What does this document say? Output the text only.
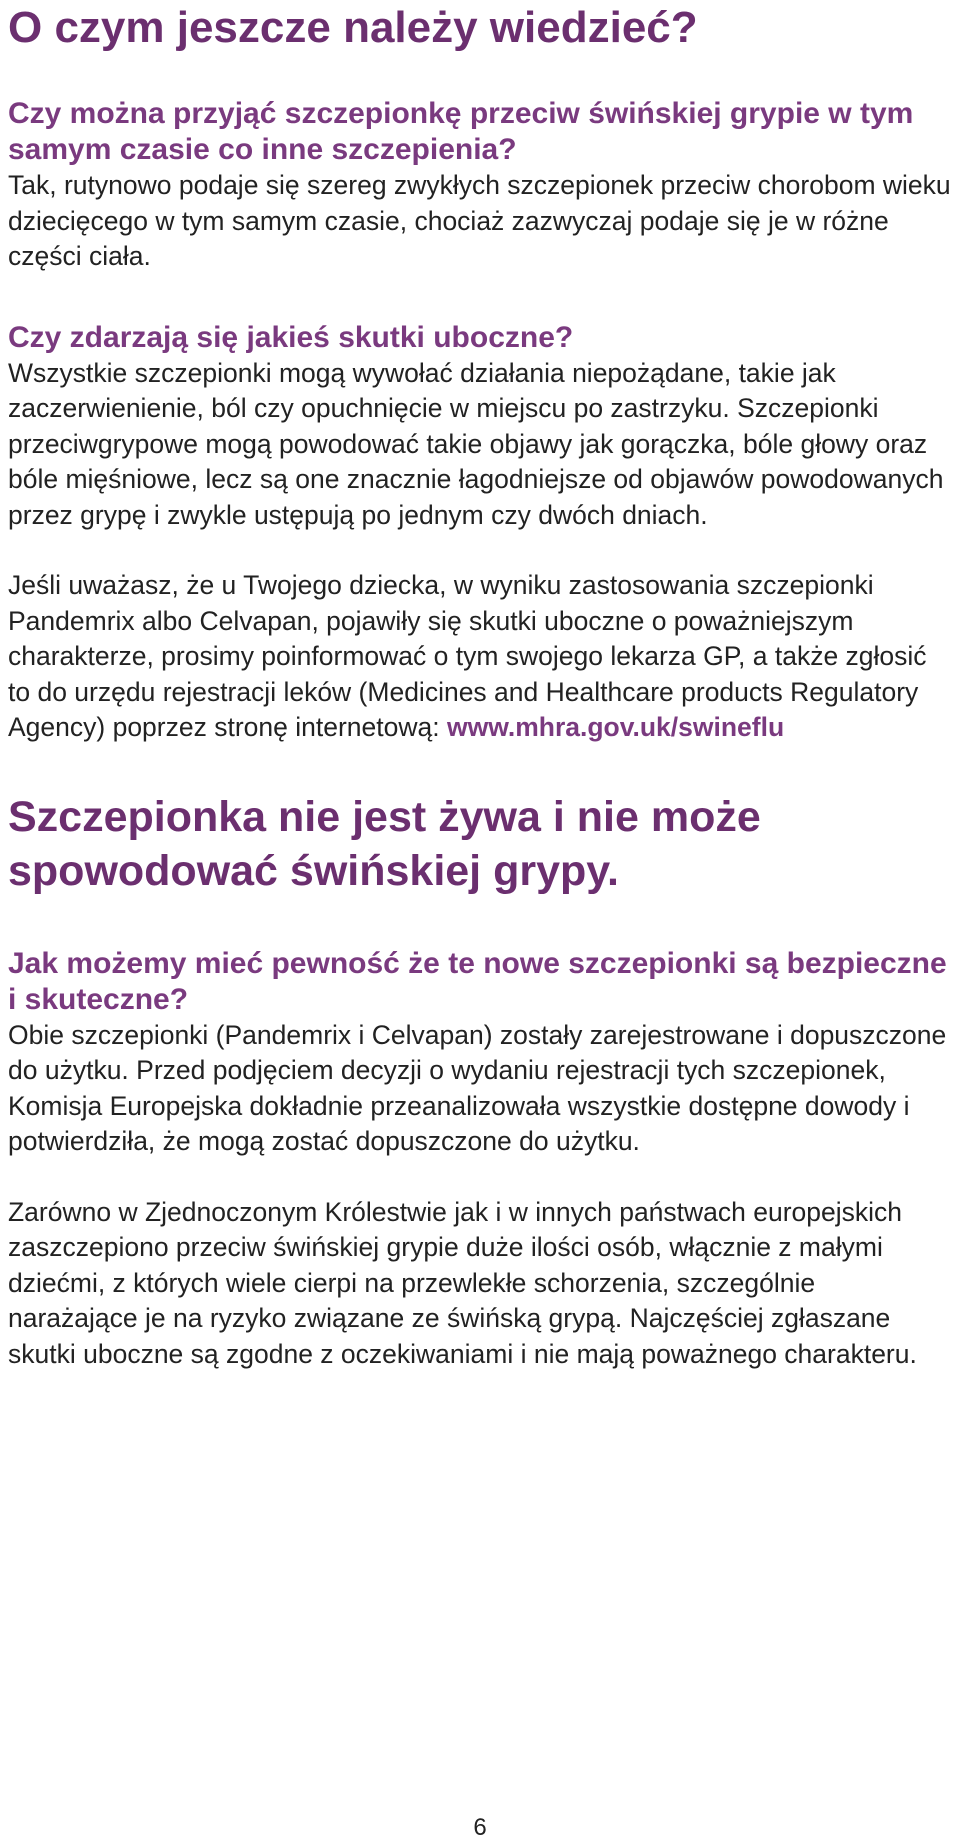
O czym jeszcze należy wiedzieć?

Czy można przyjąć szczepionkę przeciw świńskiej grypie w tym samym czasie co inne szczepienia?

Tak, rutynowo podaje się szereg zwykłych szczepionek przeciw chorobom wieku dziecięcego w tym samym czasie, chociaż zazwyczaj podaje się je w różne części ciała.

Czy zdarzają się jakieś skutki uboczne?

Wszystkie szczepionki mogą wywołać działania niepożądane, takie jak zaczerwienienie, ból czy opuchnięcie w miejscu po zastrzyku. Szczepionki przeciwgrypowe mogą powodować takie objawy jak gorączka, bóle głowy oraz bóle mięśniowe, lecz są one znacznie łagodniejsze od objawów powodowanych przez grypę i zwykle ustępują po jednym czy dwóch dniach.

Jeśli uważasz, że u Twojego dziecka, w wyniku zastosowania szczepionki Pandemrix albo Celvapan, pojawiły się skutki uboczne o poważniejszym charakterze, prosimy poinformować o tym swojego lekarza GP, a także zgłosić to do urzędu rejestracji leków (Medicines and Healthcare products Regulatory Agency) poprzez stronę internetową: www.mhra.gov.uk/swineflu

Szczepionka nie jest żywa i nie może spowodować świńskiej grypy.

Jak możemy mieć pewność że te nowe szczepionki są bezpieczne i skuteczne?

Obie szczepionki (Pandemrix i Celvapan) zostały zarejestrowane i dopuszczone do użytku. Przed podjęciem decyzji o wydaniu rejestracji tych szczepionek, Komisja Europejska dokładnie przeanalizowała wszystkie dostępne dowody i potwierdziła, że mogą zostać dopuszczone do użytku.

Zarówno w Zjednoczonym Królestwie jak i w innych państwach europejskich zaszczepiono przeciw świńskiej grypie duże ilości osób, włącznie z małymi dziećmi, z których wiele cierpi na przewlekłe schorzenia, szczególnie narażające je na ryzyko związane ze świńską grypą. Najczęściej zgłaszane skutki uboczne są zgodne z oczekiwaniami i nie mają poważnego charakteru.

6
